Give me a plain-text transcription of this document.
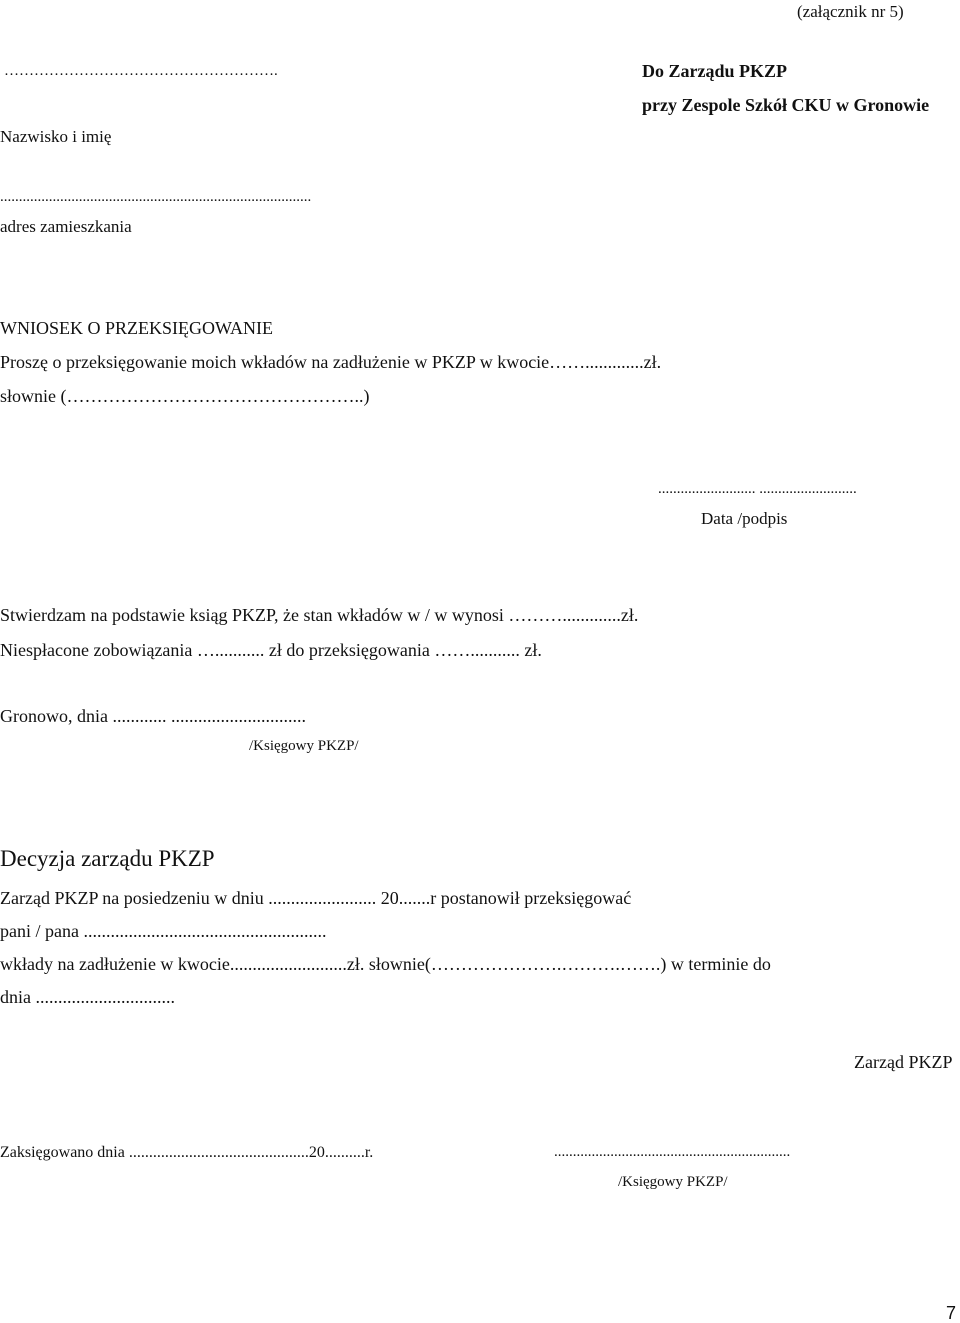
(załącznik nr 5)
……………………………………………….	Do Zarządu PKZP
przy Zespole Szkół CKU w Gronowie
Nazwisko i imię
...................................................................................
adres zamieszkania
WNIOSEK O PRZEKSIĘGOWANIE
Proszę o przeksięgowanie moich wkładów na zadłużenie w PKZP w kwocie…….............zł.
słownie (…………………………………………..)
.......................... ..........................
Data /podpis
Stwierdzam na podstawie ksiąg PKZP, że stan wkładów w / w wynosi ……….............zł.
Niespłacone zobowiązania …........... zł do przeksięgowania ……........... zł.
Gronowo, dnia ............ ..............................
/Księgowy PKZP/
Decyzja zarządu PKZP
Zarząd PKZP na posiedzeniu w dniu ........................ 20.......r postanowił przeksięgować
pani / pana ......................................................
wkłady na zadłużenie w kwocie..........................zł. słownie(………………….……….…….) w terminie do
dnia ...............................
Zarząd PKZP
Zaksięgowano dnia .............................................20..........r.	...............................................................
/Księgowy PKZP/
7
